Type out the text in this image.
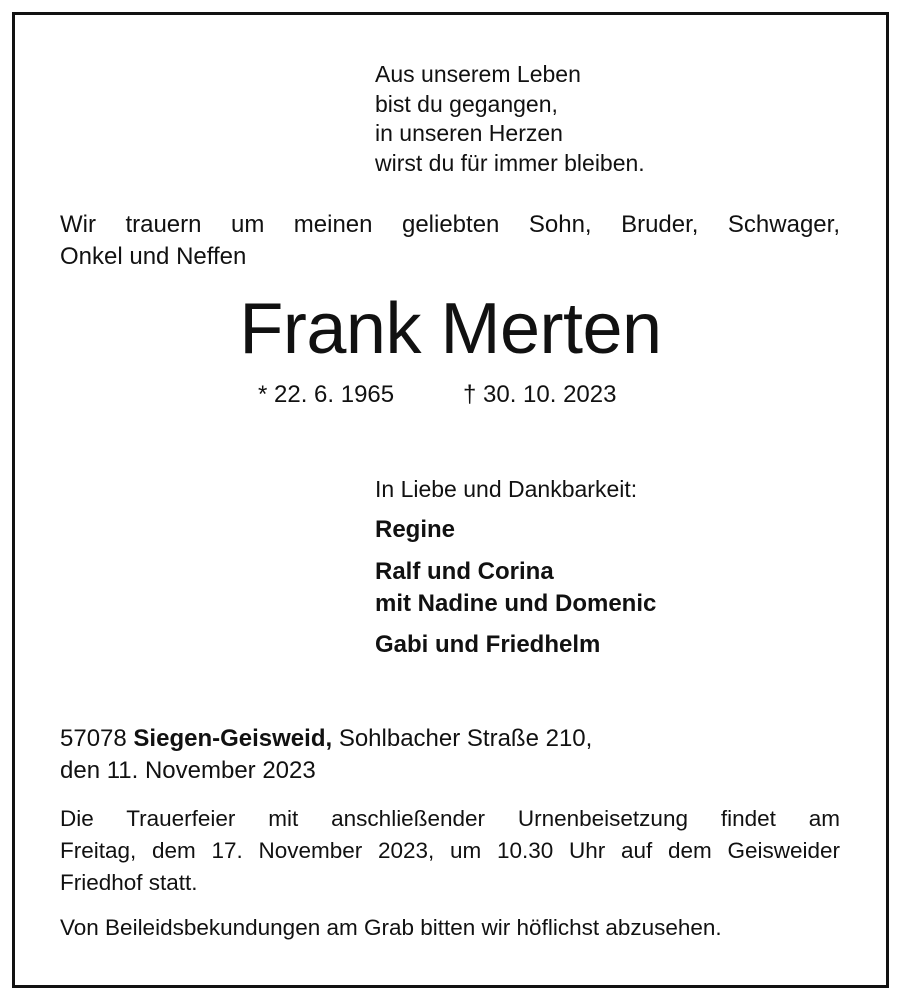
Aus unserem Leben
bist du gegangen,
in unseren Herzen
wirst du für immer bleiben.
Wir trauern um meinen geliebten Sohn, Bruder, Schwager,
Onkel und Neffen
Frank Merten
* 22. 6. 1965	† 30. 10. 2023
In Liebe und Dankbarkeit:
Regine
Ralf und Corina
mit Nadine und Domenic
Gabi und Friedhelm
57078 Siegen-Geisweid, Sohlbacher Straße 210,
den 11. November 2023
Die Trauerfeier mit anschließender Urnenbeisetzung findet am
Freitag, dem 17. November 2023, um 10.30 Uhr auf dem Geisweider
Friedhof statt.
Von Beileidsbekundungen am Grab bitten wir höflichst abzusehen.
